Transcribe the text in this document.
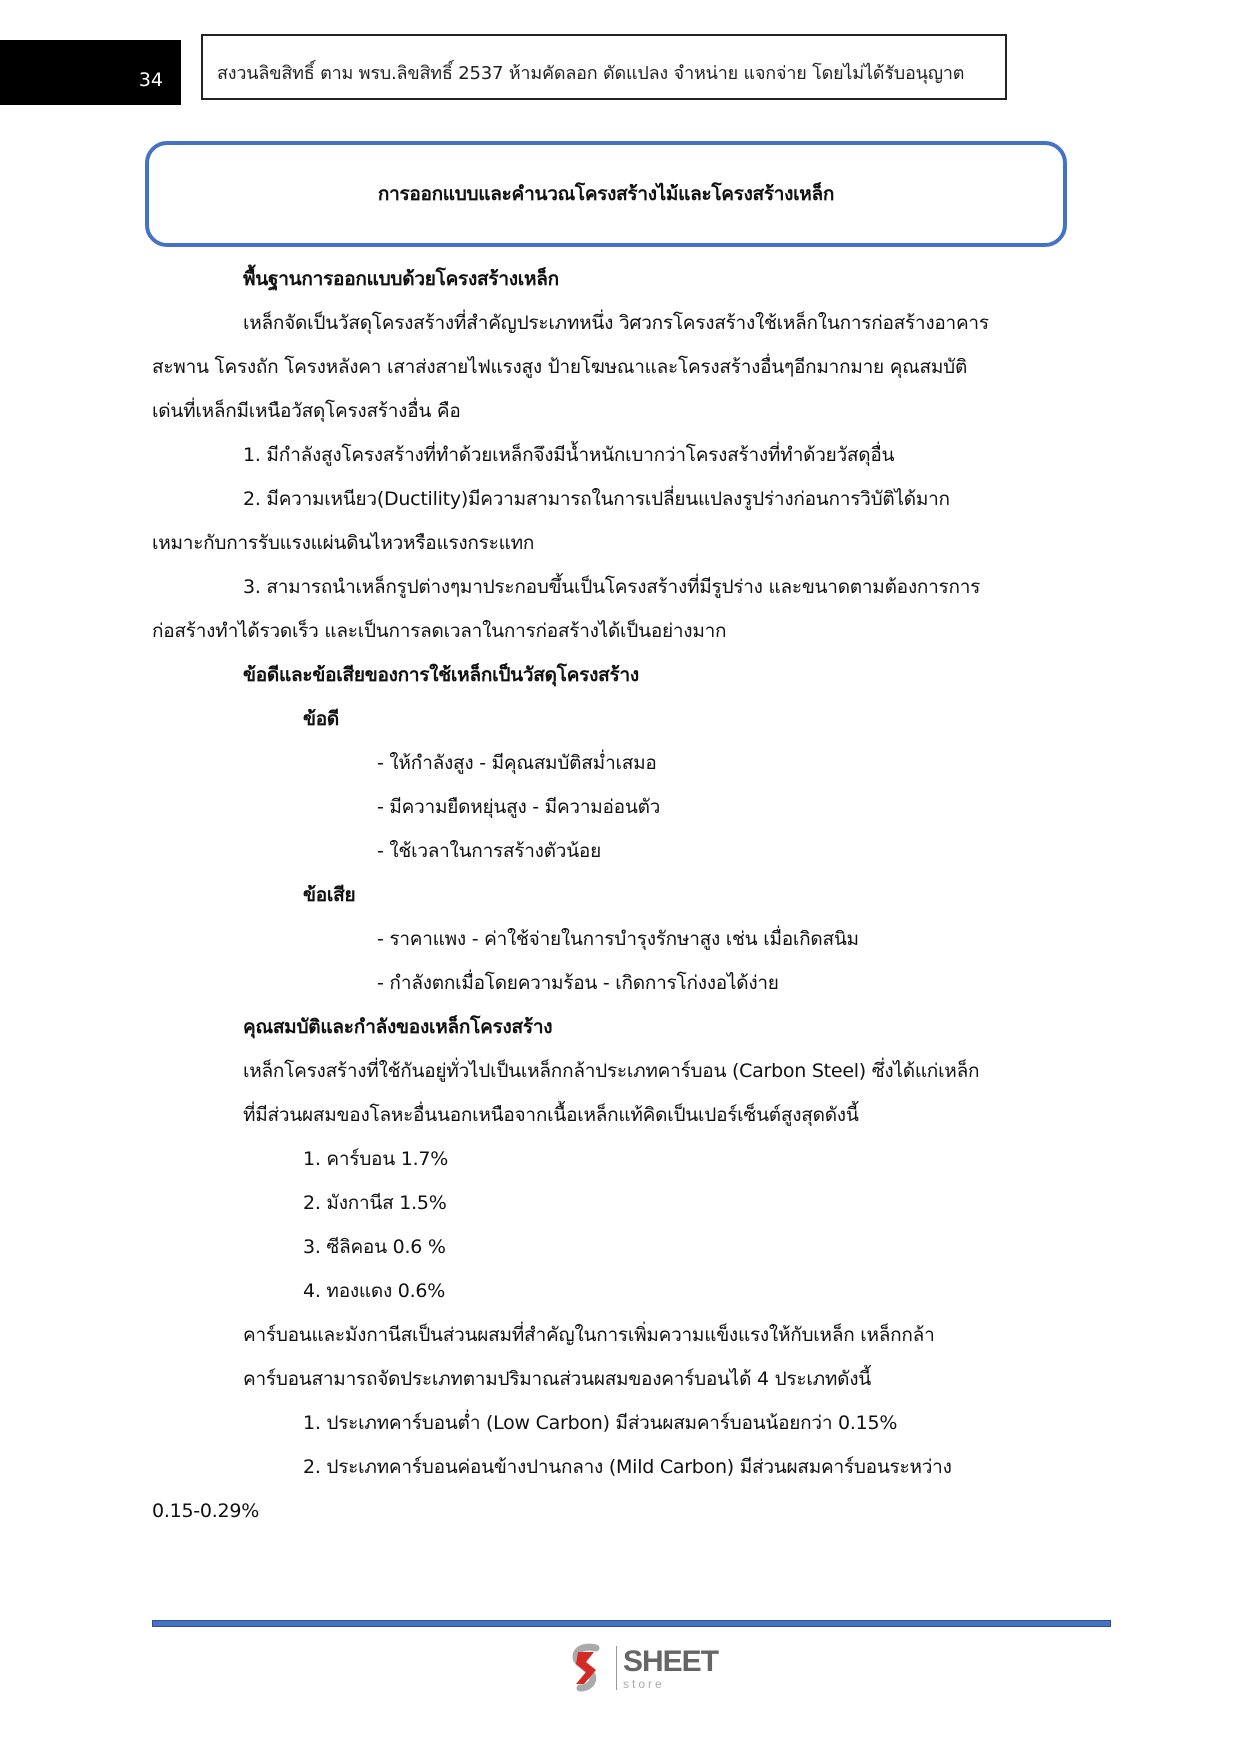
34	สงวนลิขสิทธิ์ ตาม พรบ.ลิขสิทธิ์ 2537 ห้ามคัดลอก ดัดแปลง จำหน่าย แจกจ่าย โดยไม่ได้รับอนุญาต
การออกแบบและคำนวณโครงสร้างไม้และโครงสร้างเหล็ก
พื้นฐานการออกแบบด้วยโครงสร้างเหล็ก
เหล็กจัดเป็นวัสดุโครงสร้างที่สำคัญประเภทหนึ่ง วิศวกรโครงสร้างใช้เหล็กในการก่อสร้างอาคาร
สะพาน โครงถัก โครงหลังคา เสาส่งสายไฟแรงสูง ป้ายโฆษณาและโครงสร้างอื่นๆอีกมากมาย คุณสมบัติ
เด่นที่เหล็กมีเหนือวัสดุโครงสร้างอื่น คือ
1. มีกำลังสูงโครงสร้างที่ทำด้วยเหล็กจึงมีน้ำหนักเบากว่าโครงสร้างที่ทำด้วยวัสดุอื่น
2. มีความเหนียว(Ductility)มีความสามารถในการเปลี่ยนแปลงรูปร่างก่อนการวิบัติได้มาก
เหมาะกับการรับแรงแผ่นดินไหวหรือแรงกระแทก
3. สามารถนำเหล็กรูปต่างๆมาประกอบขึ้นเป็นโครงสร้างที่มีรูปร่าง และขนาดตามต้องการการ
ก่อสร้างทำได้รวดเร็ว และเป็นการลดเวลาในการก่อสร้างได้เป็นอย่างมาก
ข้อดีและข้อเสียของการใช้เหล็กเป็นวัสดุโครงสร้าง
ข้อดี
- ให้กำลังสูง - มีคุณสมบัติสม่ำเสมอ
- มีความยืดหยุ่นสูง - มีความอ่อนตัว
- ใช้เวลาในการสร้างตัวน้อย
ข้อเสีย
- ราคาแพง - ค่าใช้จ่ายในการบำรุงรักษาสูง เช่น เมื่อเกิดสนิม
- กำลังตกเมื่อโดยความร้อน - เกิดการโก่งงอได้ง่าย
คุณสมบัติและกำลังของเหล็กโครงสร้าง
เหล็กโครงสร้างที่ใช้กันอยู่ทั่วไปเป็นเหล็กกล้าประเภทคาร์บอน (Carbon Steel) ซึ่งได้แก่เหล็ก
ที่มีส่วนผสมของโลหะอื่นนอกเหนือจากเนื้อเหล็กแท้คิดเป็นเปอร์เซ็นต์สูงสุดดังนี้
1. คาร์บอน 1.7%
2. มังกานีส 1.5%
3. ซีลิคอน 0.6 %
4. ทองแดง 0.6%
คาร์บอนและมังกานีสเป็นส่วนผสมที่สำคัญในการเพิ่มความแข็งแรงให้กับเหล็ก เหล็กกล้า
คาร์บอนสามารถจัดประเภทตามปริมาณส่วนผสมของคาร์บอนได้ 4 ประเภทดังนี้
1. ประเภทคาร์บอนต่ำ (Low Carbon) มีส่วนผสมคาร์บอนน้อยกว่า 0.15%
2. ประเภทคาร์บอนค่อนข้างปานกลาง (Mild Carbon) มีส่วนผสมคาร์บอนระหว่าง
0.15-0.29%
SHEET
store
